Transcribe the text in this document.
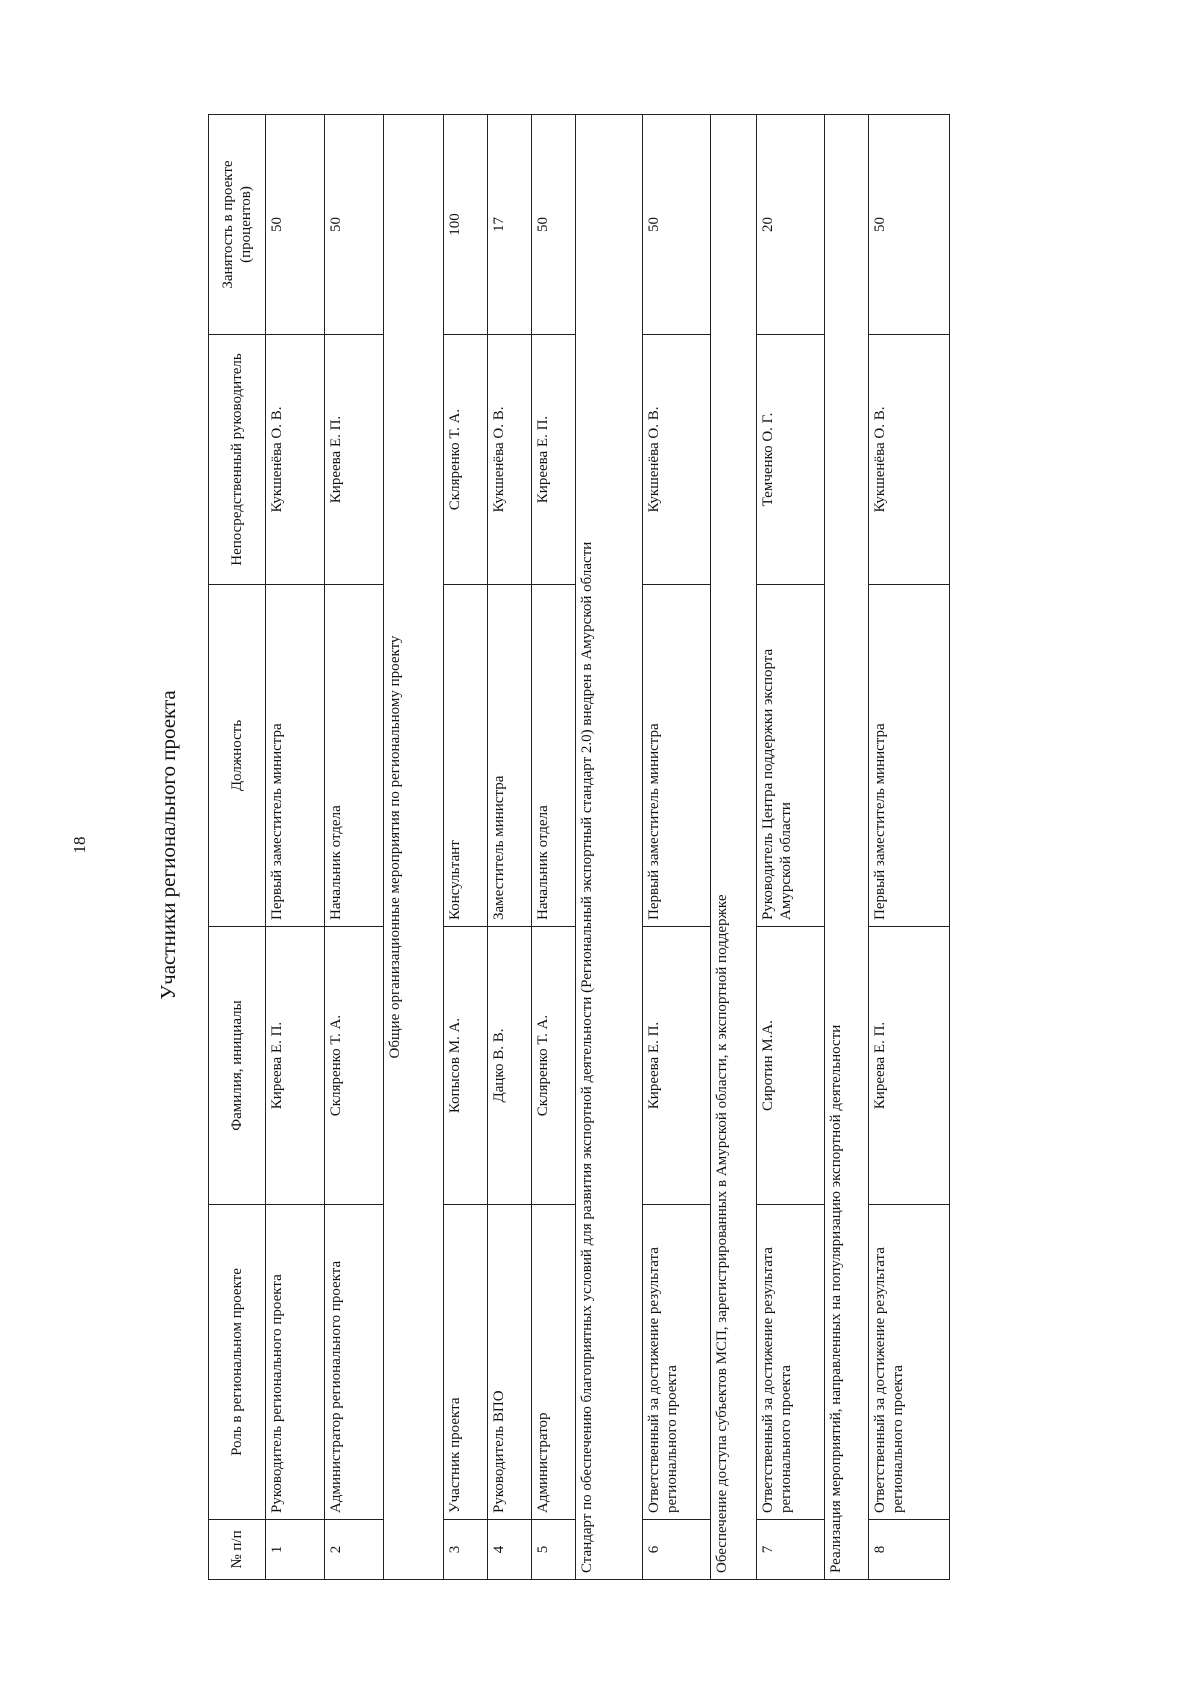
18	Участники регионального проекта
№ п/п	Роль в региональном проекте	Фамилия, инициалы	Должность	Непосредственный руководитель	Занятость в проекте (процентов)
1	Руководитель регионального проекта	Киреева Е. П.	Первый заместитель министра	Кукшенёва О. В.	50
2	Администратор регионального проекта	Скляренко Т. А.	Начальник отдела	Киреева Е. П.	50
Общие организационные мероприятия по региональному проекту					
3	Участник проекта	Копысов М. А.	Консультант	Скляренко Т. А.	100
4	Руководитель ВПО	Дацко В. В.	Заместитель министра	Кукшенёва О. В.	17
5	Администратор	Скляренко Т. А.	Начальник отдела	Киреева Е. П.	50
Стандарт по обеспечению благоприятных условий для развития экспортной деятельности (Региональный экспортный стандарт 2.0) внедрен в Амурской области					
6	Ответственный за достижение результата регионального проекта	Киреева Е. П.	Первый заместитель министра	Кукшенёва О. В.	50
Обеспечение доступа субъектов МСП, зарегистрированных в Амурской области, к экспортной поддержке					
7	Ответственный за достижение результата регионального проекта	Сиротин М.А.	Руководитель Центра поддержки экспорта Амурской области	Темченко О. Г.	20
Реализация мероприятий, направленных на популяризацию экспортной деятельности					
8	Ответственный за достижение результата регионального проекта	Киреева Е. П.	Первый заместитель министра	Кукшенёва О. В.	50
